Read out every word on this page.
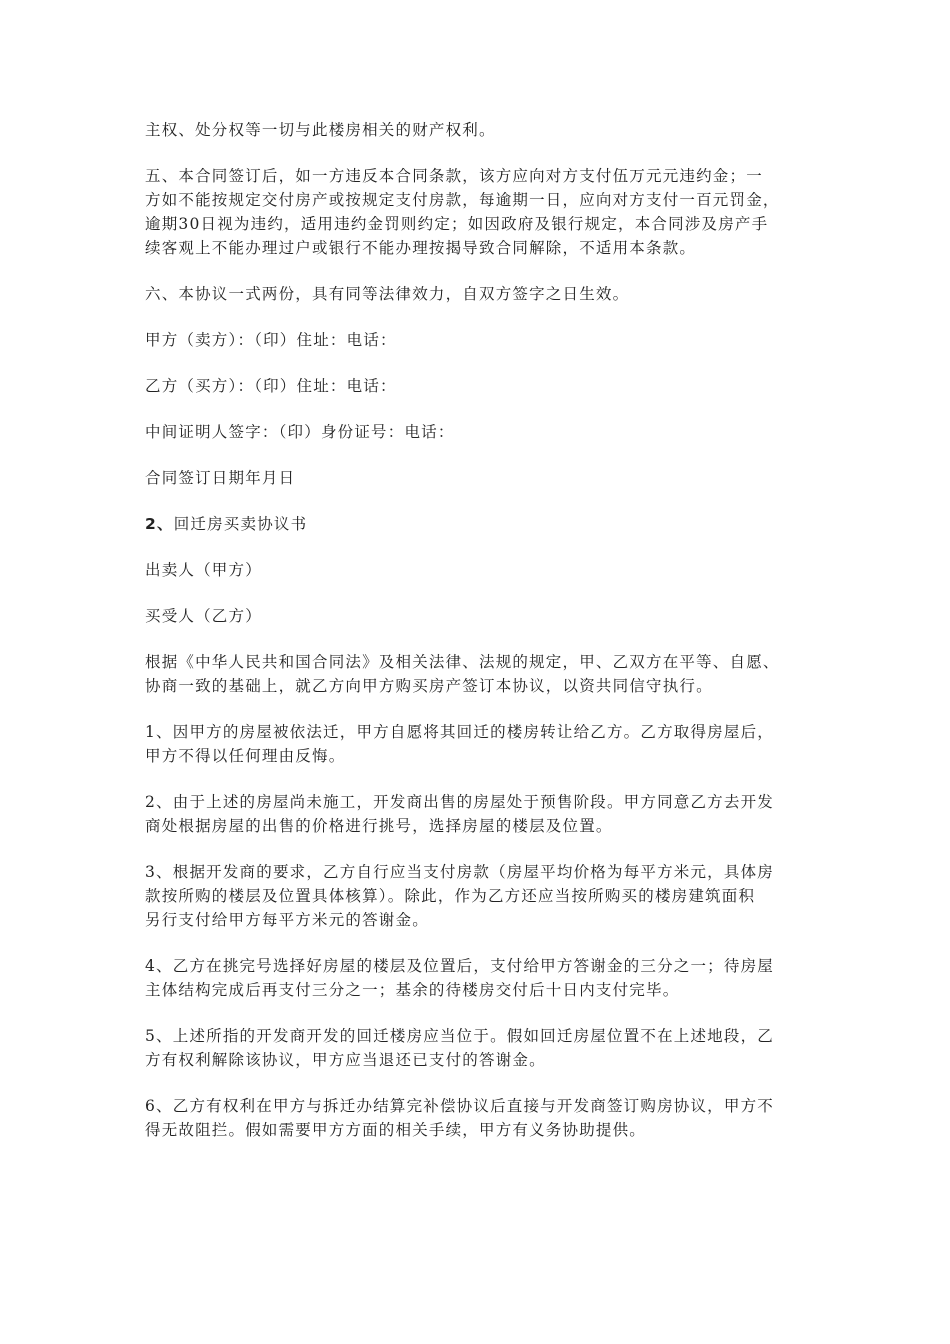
主权、处分权等一切与此楼房相关的财产权利。

五、本合同签订后，如一方违反本合同条款，该方应向对方支付伍万元元违约金；一
方如不能按规定交付房产或按规定支付房款，每逾期一日，应向对方支付一百元罚金，
逾期30日视为违约，适用违约金罚则约定；如因政府及银行规定，本合同涉及房产手
续客观上不能办理过户或银行不能办理按揭导致合同解除，不适用本条款。

六、本协议一式两份，具有同等法律效力，自双方签字之日生效。

甲方（卖方）：（印）住址：电话：

乙方（买方）：（印）住址：电话：

中间证明人签字：（印）身份证号：电话：

合同签订日期年月日

2、回迁房买卖协议书

出卖人（甲方）

买受人（乙方）

根据《中华人民共和国合同法》及相关法律、法规的规定，甲、乙双方在平等、自愿、
协商一致的基础上，就乙方向甲方购买房产签订本协议，以资共同信守执行。

1、因甲方的房屋被依法迁，甲方自愿将其回迁的楼房转让给乙方。乙方取得房屋后，
甲方不得以任何理由反悔。

2、由于上述的房屋尚未施工，开发商出售的房屋处于预售阶段。甲方同意乙方去开发
商处根据房屋的出售的价格进行挑号，选择房屋的楼层及位置。

3、根据开发商的要求，乙方自行应当支付房款（房屋平均价格为每平方米元，具体房
款按所购的楼层及位置具体核算）。除此，作为乙方还应当按所购买的楼房建筑面积
另行支付给甲方每平方米元的答谢金。

4、乙方在挑完号选择好房屋的楼层及位置后，支付给甲方答谢金的三分之一；待房屋
主体结构完成后再支付三分之一；基余的待楼房交付后十日内支付完毕。

5、上述所指的开发商开发的回迁楼房应当位于。假如回迁房屋位置不在上述地段，乙
方有权利解除该协议，甲方应当退还已支付的答谢金。

6、乙方有权利在甲方与拆迁办结算完补偿协议后直接与开发商签订购房协议，甲方不
得无故阻拦。假如需要甲方方面的相关手续，甲方有义务协助提供。
